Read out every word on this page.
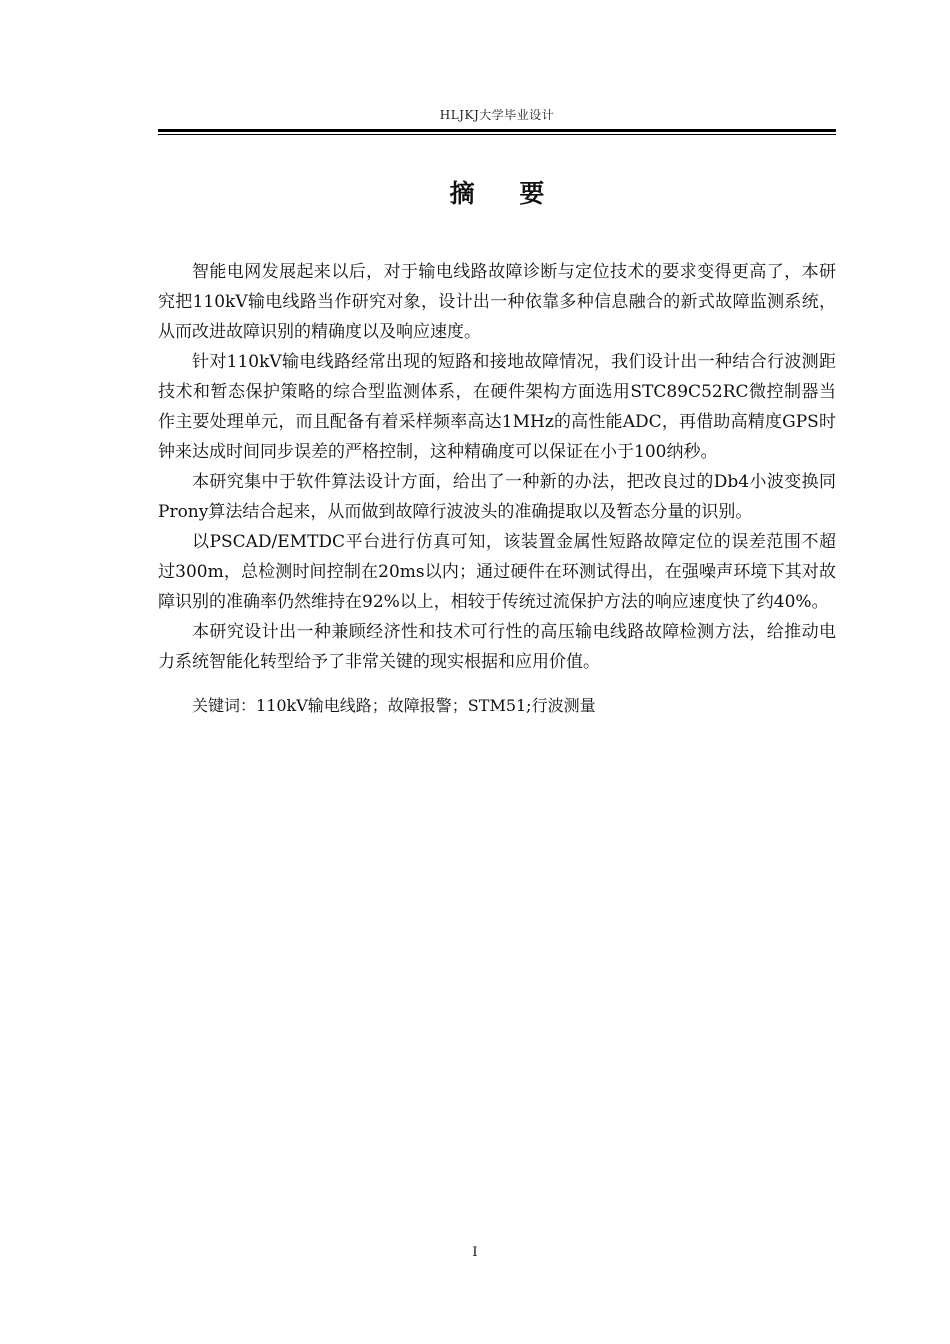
HLJKJ大学毕业设计
摘 要

智能电网发展起来以后，对于输电线路故障诊断与定位技术的要求变得更高了，本研究把110kV输电线路当作研究对象，设计出一种依靠多种信息融合的新式故障监测系统，从而改进故障识别的精确度以及响应速度。

针对110kV输电线路经常出现的短路和接地故障情况，我们设计出一种结合行波测距技术和暂态保护策略的综合型监测体系，在硬件架构方面选用STC89C52RC微控制器当作主要处理单元，而且配备有着采样频率高达1MHz的高性能ADC，再借助高精度GPS时钟来达成时间同步误差的严格控制，这种精确度可以保证在小于100纳秒。

本研究集中于软件算法设计方面，给出了一种新的办法，把改良过的Db4小波变换同Prony算法结合起来，从而做到故障行波波头的准确提取以及暂态分量的识别。

以PSCAD/EMTDC平台进行仿真可知，该装置金属性短路故障定位的误差范围不超过300m，总检测时间控制在20ms以内；通过硬件在环测试得出，在强噪声环境下其对故障识别的准确率仍然维持在92%以上，相较于传统过流保护方法的响应速度快了约40%。

本研究设计出一种兼顾经济性和技术可行性的高压输电线路故障检测方法，给推动电力系统智能化转型给予了非常关键的现实根据和应用价值。

关键词：110kV输电线路；故障报警；STM51;行波测量

I
